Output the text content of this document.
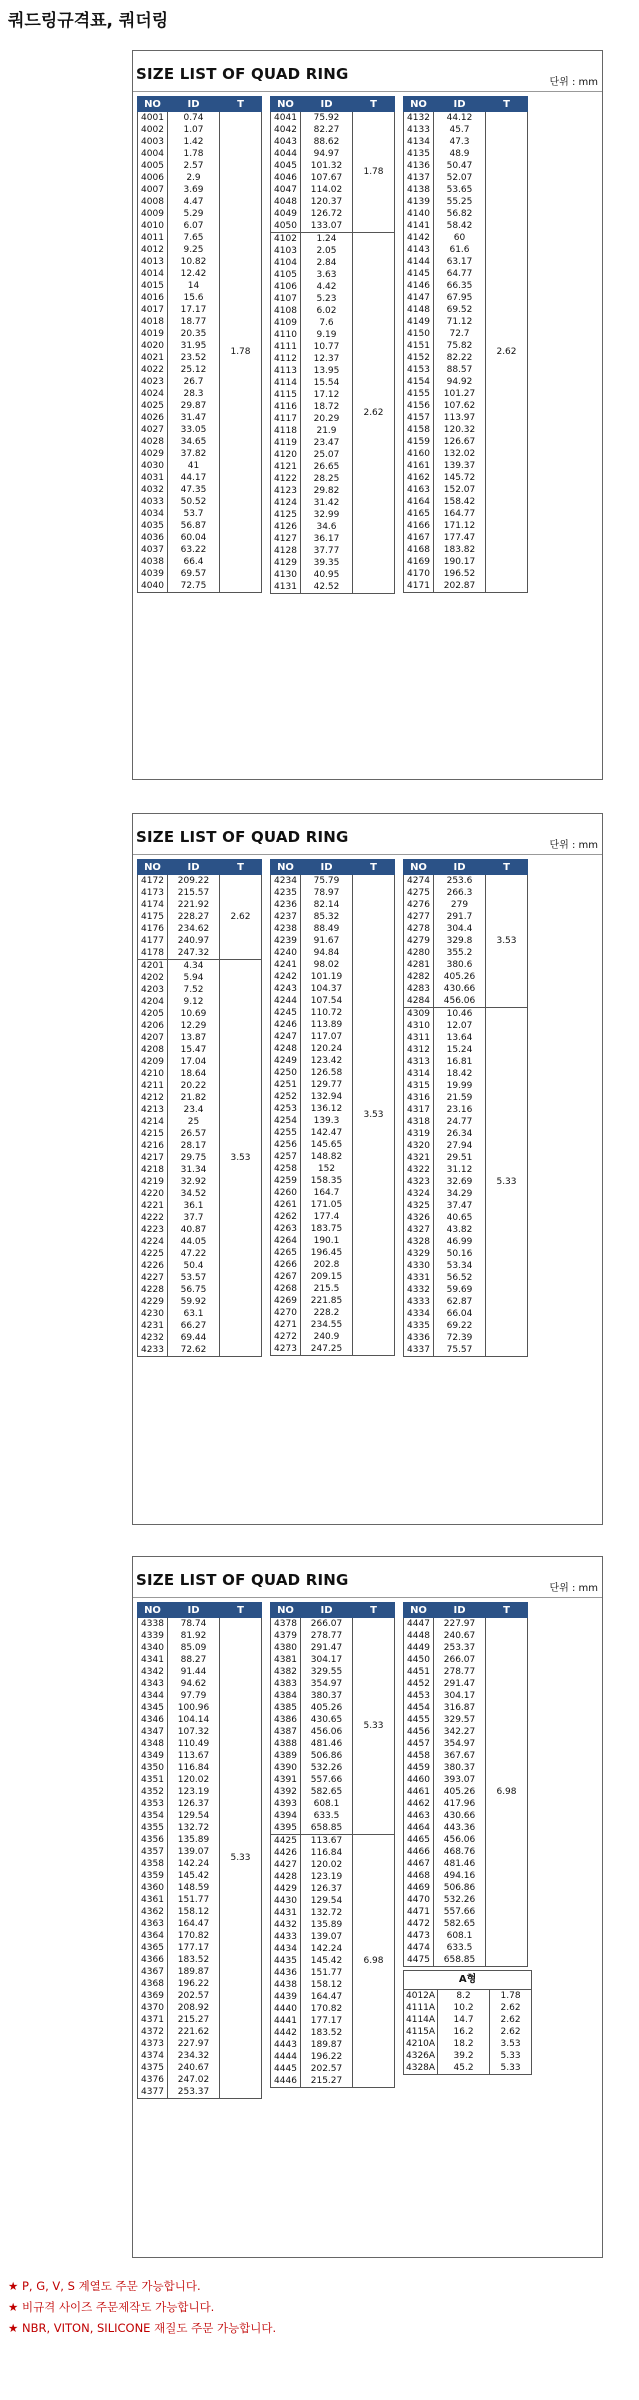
쿼드링규격표, 쿼더링
SIZE LIST OF QUAD RING	단위 : mm
NO	ID	T
4001	0.74	1.78
4002	1.07	
4003	1.42	
4004	1.78	
4005	2.57	
4006	2.9	
4007	3.69	
4008	4.47	
4009	5.29	
4010	6.07	
4011	7.65	
4012	9.25	
4013	10.82	
4014	12.42	
4015	14	
4016	15.6	
4017	17.17	
4018	18.77	
4019	20.35	
4020	31.95	
4021	23.52	
4022	25.12	
4023	26.7	
4024	28.3	
4025	29.87	
4026	31.47	
4027	33.05	
4028	34.65	
4029	37.82	
4030	41	
4031	44.17	
4032	47.35	
4033	50.52	
4034	53.7	
4035	56.87	
4036	60.04	
4037	63.22	
4038	66.4	
4039	69.57	
4040	72.75	
NO	ID	T
4041	75.92	1.78
4042	82.27	
4043	88.62	
4044	94.97	
4045	101.32	
4046	107.67	
4047	114.02	
4048	120.37	
4049	126.72	
4050	133.07	
4102	1.24	2.62
4103	2.05	
4104	2.84	
4105	3.63	
4106	4.42	
4107	5.23	
4108	6.02	
4109	7.6	
4110	9.19	
4111	10.77	
4112	12.37	
4113	13.95	
4114	15.54	
4115	17.12	
4116	18.72	
4117	20.29	
4118	21.9	
4119	23.47	
4120	25.07	
4121	26.65	
4122	28.25	
4123	29.82	
4124	31.42	
4125	32.99	
4126	34.6	
4127	36.17	
4128	37.77	
4129	39.35	
4130	40.95	
4131	42.52	
NO	ID	T
4132	44.12	2.62
4133	45.7	
4134	47.3	
4135	48.9	
4136	50.47	
4137	52.07	
4138	53.65	
4139	55.25	
4140	56.82	
4141	58.42	
4142	60	
4143	61.6	
4144	63.17	
4145	64.77	
4146	66.35	
4147	67.95	
4148	69.52	
4149	71.12	
4150	72.7	
4151	75.82	
4152	82.22	
4153	88.57	
4154	94.92	
4155	101.27	
4156	107.62	
4157	113.97	
4158	120.32	
4159	126.67	
4160	132.02	
4161	139.37	
4162	145.72	
4163	152.07	
4164	158.42	
4165	164.77	
4166	171.12	
4167	177.47	
4168	183.82	
4169	190.17	
4170	196.52	
4171	202.87	
SIZE LIST OF QUAD RING	단위 : mm
NO	ID	T
4172	209.22	2.62
4173	215.57	
4174	221.92	
4175	228.27	
4176	234.62	
4177	240.97	
4178	247.32	
4201	4.34	3.53
4202	5.94	
4203	7.52	
4204	9.12	
4205	10.69	
4206	12.29	
4207	13.87	
4208	15.47	
4209	17.04	
4210	18.64	
4211	20.22	
4212	21.82	
4213	23.4	
4214	25	
4215	26.57	
4216	28.17	
4217	29.75	
4218	31.34	
4219	32.92	
4220	34.52	
4221	36.1	
4222	37.7	
4223	40.87	
4224	44.05	
4225	47.22	
4226	50.4	
4227	53.57	
4228	56.75	
4229	59.92	
4230	63.1	
4231	66.27	
4232	69.44	
4233	72.62	
NO	ID	T
4234	75.79	3.53
4235	78.97	
4236	82.14	
4237	85.32	
4238	88.49	
4239	91.67	
4240	94.84	
4241	98.02	
4242	101.19	
4243	104.37	
4244	107.54	
4245	110.72	
4246	113.89	
4247	117.07	
4248	120.24	
4249	123.42	
4250	126.58	
4251	129.77	
4252	132.94	
4253	136.12	
4254	139.3	
4255	142.47	
4256	145.65	
4257	148.82	
4258	152	
4259	158.35	
4260	164.7	
4261	171.05	
4262	177.4	
4263	183.75	
4264	190.1	
4265	196.45	
4266	202.8	
4267	209.15	
4268	215.5	
4269	221.85	
4270	228.2	
4271	234.55	
4272	240.9	
4273	247.25	
NO	ID	T
4274	253.6	3.53
4275	266.3	
4276	279	
4277	291.7	
4278	304.4	
4279	329.8	
4280	355.2	
4281	380.6	
4282	405.26	
4283	430.66	
4284	456.06	
4309	10.46	5.33
4310	12.07	
4311	13.64	
4312	15.24	
4313	16.81	
4314	18.42	
4315	19.99	
4316	21.59	
4317	23.16	
4318	24.77	
4319	26.34	
4320	27.94	
4321	29.51	
4322	31.12	
4323	32.69	
4324	34.29	
4325	37.47	
4326	40.65	
4327	43.82	
4328	46.99	
4329	50.16	
4330	53.34	
4331	56.52	
4332	59.69	
4333	62.87	
4334	66.04	
4335	69.22	
4336	72.39	
4337	75.57	
SIZE LIST OF QUAD RING	단위 : mm
NO	ID	T
4338	78.74	5.33
4339	81.92	
4340	85.09	
4341	88.27	
4342	91.44	
4343	94.62	
4344	97.79	
4345	100.96	
4346	104.14	
4347	107.32	
4348	110.49	
4349	113.67	
4350	116.84	
4351	120.02	
4352	123.19	
4353	126.37	
4354	129.54	
4355	132.72	
4356	135.89	
4357	139.07	
4358	142.24	
4359	145.42	
4360	148.59	
4361	151.77	
4362	158.12	
4363	164.47	
4364	170.82	
4365	177.17	
4366	183.52	
4367	189.87	
4368	196.22	
4369	202.57	
4370	208.92	
4371	215.27	
4372	221.62	
4373	227.97	
4374	234.32	
4375	240.67	
4376	247.02	
4377	253.37	
NO	ID	T
4378	266.07	5.33
4379	278.77	
4380	291.47	
4381	304.17	
4382	329.55	
4383	354.97	
4384	380.37	
4385	405.26	
4386	430.65	
4387	456.06	
4388	481.46	
4389	506.86	
4390	532.26	
4391	557.66	
4392	582.65	
4393	608.1	
4394	633.5	
4395	658.85	
4425	113.67	6.98
4426	116.84	
4427	120.02	
4428	123.19	
4429	126.37	
4430	129.54	
4431	132.72	
4432	135.89	
4433	139.07	
4434	142.24	
4435	145.42	
4436	151.77	
4438	158.12	
4439	164.47	
4440	170.82	
4441	177.17	
4442	183.52	
4443	189.87	
4444	196.22	
4445	202.57	
4446	215.27	
NO	ID	T
4447	227.97	6.98
4448	240.67	
4449	253.37	
4450	266.07	
4451	278.77	
4452	291.47	
4453	304.17	
4454	316.87	
4455	329.57	
4456	342.27	
4457	354.97	
4458	367.67	
4459	380.37	
4460	393.07	
4461	405.26	
4462	417.96	
4463	430.66	
4464	443.36	
4465	456.06	
4466	468.76	
4467	481.46	
4468	494.16	
4469	506.86	
4470	532.26	
4471	557.66	
4472	582.65	
4473	608.1	
4474	633.5	
4475	658.85	
A형		
4012A	8.2	1.78
4111A	10.2	2.62
4114A	14.7	2.62
4115A	16.2	2.62
4210A	18.2	3.53
4326A	39.2	5.33
4328A	45.2	5.33
★ P, G, V, S 계열도 주문 가능합니다.
★ 비규격 사이즈 주문제작도 가능합니다.
★ NBR, VITON, SILICONE 재질도 주문 가능합니다.
